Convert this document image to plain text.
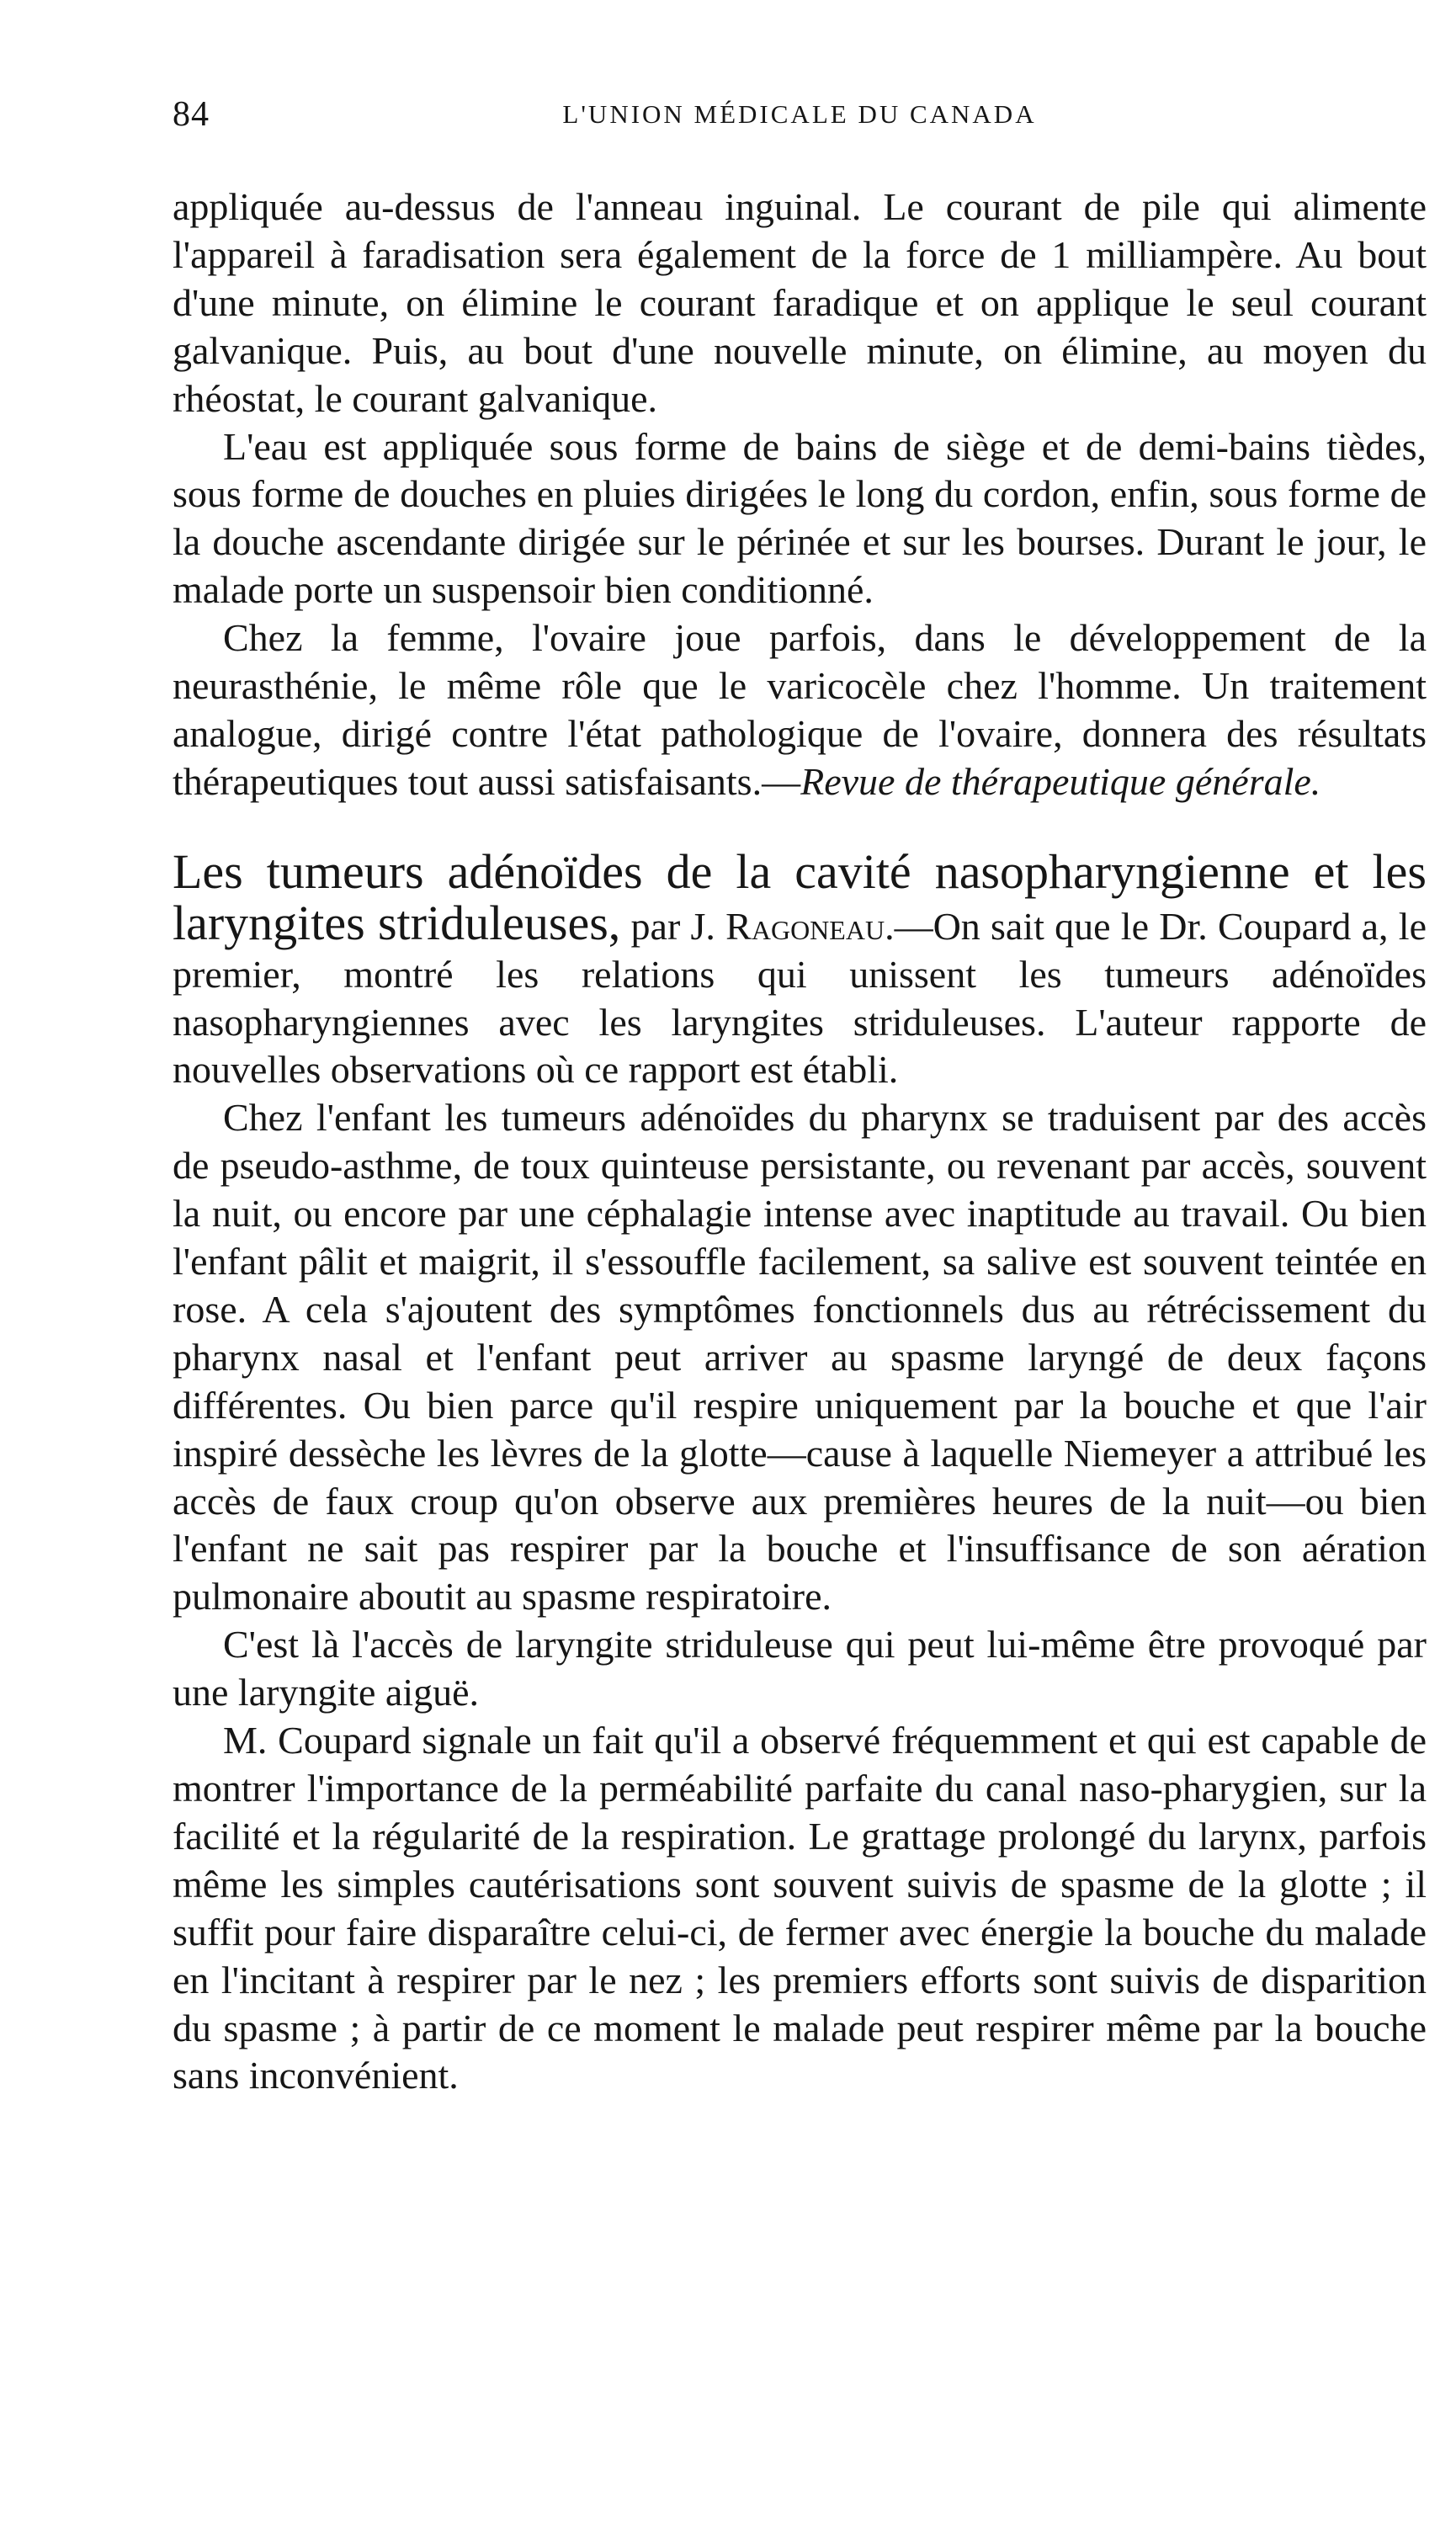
84	L'UNION MÉDICALE DU CANADA

appliquée au-dessus de l'anneau inguinal. Le courant de pile qui alimente l'appareil à faradisation sera également de la force de 1 milliampère. Au bout d'une minute, on élimine le courant faradique et on applique le seul courant galvanique. Puis, au bout d'une nouvelle minute, on élimine, au moyen du rhéostat, le courant galvanique.

L'eau est appliquée sous forme de bains de siège et de demi-bains tièdes, sous forme de douches en pluies dirigées le long du cordon, enfin, sous forme de la douche ascendante dirigée sur le périnée et sur les bourses. Durant le jour, le malade porte un suspensoir bien conditionné.

Chez la femme, l'ovaire joue parfois, dans le développement de la neurasthénie, le même rôle que le varicocèle chez l'homme. Un traitement analogue, dirigé contre l'état pathologique de l'ovaire, donnera des résultats thérapeutiques tout aussi satisfaisants.—Revue de thérapeutique générale.

Les tumeurs adénoïdes de la cavité nasopharyngienne et les laryngites striduleuses, par J. Ragoneau.—On sait que le Dr. Coupard a, le premier, montré les relations qui unissent les tumeurs adénoïdes nasopharyngiennes avec les laryngites striduleuses. L'auteur rapporte de nouvelles observations où ce rapport est établi.

Chez l'enfant les tumeurs adénoïdes du pharynx se traduisent par des accès de pseudo-asthme, de toux quinteuse persistante, ou revenant par accès, souvent la nuit, ou encore par une céphalagie intense avec inaptitude au travail. Ou bien l'enfant pâlit et maigrit, il s'essouffle facilement, sa salive est souvent teintée en rose. A cela s'ajoutent des symptômes fonctionnels dus au rétrécissement du pharynx nasal et l'enfant peut arriver au spasme laryngé de deux façons différentes. Ou bien parce qu'il respire uniquement par la bouche et que l'air inspiré dessèche les lèvres de la glotte—cause à laquelle Niemeyer a attribué les accès de faux croup qu'on observe aux premières heures de la nuit—ou bien l'enfant ne sait pas respirer par la bouche et l'insuffisance de son aération pulmonaire aboutit au spasme respiratoire.

C'est là l'accès de laryngite striduleuse qui peut lui-même être provoqué par une laryngite aiguë.

M. Coupard signale un fait qu'il a observé fréquemment et qui est capable de montrer l'importance de la perméabilité parfaite du canal naso-pharygien, sur la facilité et la régularité de la respiration. Le grattage prolongé du larynx, parfois même les simples cautérisations sont souvent suivis de spasme de la glotte ; il suffit pour faire disparaître celui-ci, de fermer avec énergie la bouche du malade en l'incitant à respirer par le nez ; les premiers efforts sont suivis de disparition du spasme ; à partir de ce moment le malade peut respirer même par la bouche sans inconvénient.
